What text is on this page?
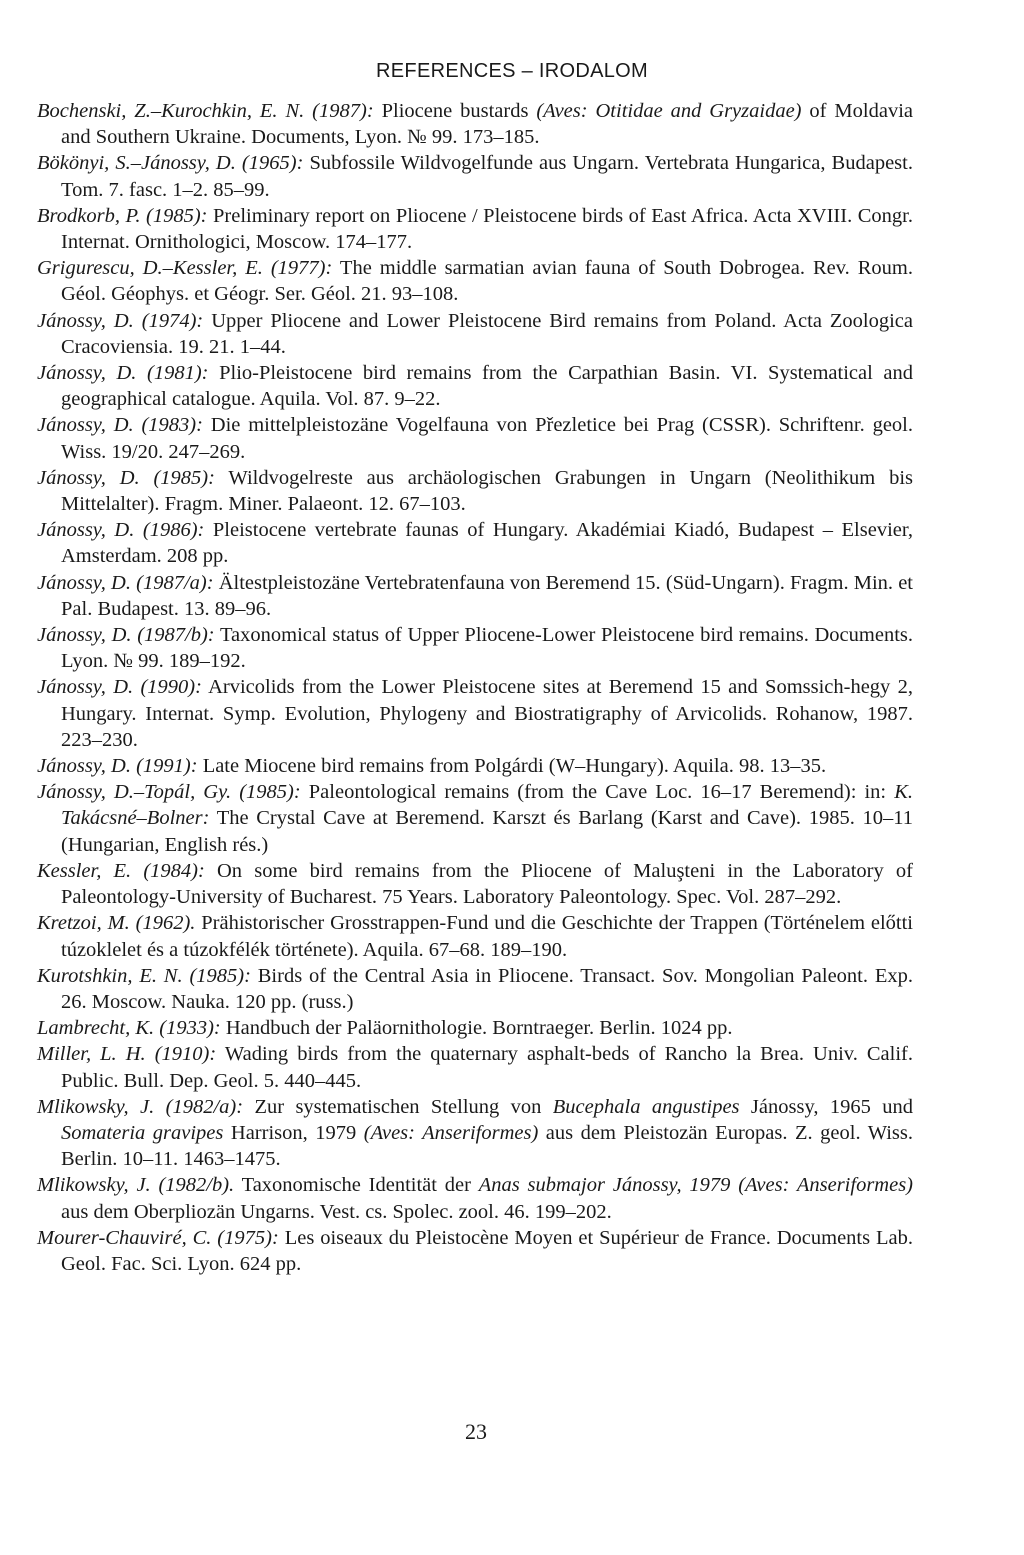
REFERENCES – IRODALOM
Bochenski, Z.–Kurochkin, E. N. (1987): Pliocene bustards (Aves: Otitidae and Gryzaidae) of Moldavia and Southern Ukraine. Documents, Lyon. № 99. 173–185.
Bökönyi, S.–Jánossy, D. (1965): Subfossile Wildvogelfunde aus Ungarn. Vertebrata Hungarica, Budapest. Tom. 7. fasc. 1–2. 85–99.
Brodkorb, P. (1985): Preliminary report on Pliocene / Pleistocene birds of East Africa. Acta XVIII. Congr. Internat. Ornithologici, Moscow. 174–177.
Grigurescu, D.–Kessler, E. (1977): The middle sarmatian avian fauna of South Dobrogea. Rev. Roum. Géol. Géophys. et Géogr. Ser. Géol. 21. 93–108.
Jánossy, D. (1974): Upper Pliocene and Lower Pleistocene Bird remains from Poland. Acta Zoologica Cracoviensia. 19. 21. 1–44.
Jánossy, D. (1981): Plio-Pleistocene bird remains from the Carpathian Basin. VI. Systematical and geographical catalogue. Aquila. Vol. 87. 9–22.
Jánossy, D. (1983): Die mittelpleistozäne Vogelfauna von Přezletice bei Prag (CSSR). Schriftenr. geol. Wiss. 19/20. 247–269.
Jánossy, D. (1985): Wildvogelreste aus archäologischen Grabungen in Ungarn (Neolithikum bis Mittelalter). Fragm. Miner. Palaeont. 12. 67–103.
Jánossy, D. (1986): Pleistocene vertebrate faunas of Hungary. Akadémiai Kiadó, Budapest – Elsevier, Amsterdam. 208 pp.
Jánossy, D. (1987/a): Ältestpleistozäne Vertebratenfauna von Beremend 15. (Süd-Ungarn). Fragm. Min. et Pal. Budapest. 13. 89–96.
Jánossy, D. (1987/b): Taxonomical status of Upper Pliocene-Lower Pleistocene bird remains. Documents. Lyon. № 99. 189–192.
Jánossy, D. (1990): Arvicolids from the Lower Pleistocene sites at Beremend 15 and Somssich-hegy 2, Hungary. Internat. Symp. Evolution, Phylogeny and Biostratigraphy of Arvicolids. Rohanow, 1987. 223–230.
Jánossy, D. (1991): Late Miocene bird remains from Polgárdi (W–Hungary). Aquila. 98. 13–35.
Jánossy, D.–Topál, Gy. (1985): Paleontological remains (from the Cave Loc. 16–17 Beremend): in: K. Takácsné–Bolner: The Crystal Cave at Beremend. Karszt és Barlang (Karst and Cave). 1985. 10–11 (Hungarian, English rés.)
Kessler, E. (1984): On some bird remains from the Pliocene of Maluşteni in the Laboratory of Paleontology-University of Bucharest. 75 Years. Laboratory Paleontology. Spec. Vol. 287–292.
Kretzoi, M. (1962). Prähistorischer Grosstrappen-Fund und die Geschichte der Trappen (Történelem előtti túzoklelet és a túzokfélék története). Aquila. 67–68. 189–190.
Kurotshkin, E. N. (1985): Birds of the Central Asia in Pliocene. Transact. Sov. Mongolian Paleont. Exp. 26. Moscow. Nauka. 120 pp. (russ.)
Lambrecht, K. (1933): Handbuch der Paläornithologie. Borntraeger. Berlin. 1024 pp.
Miller, L. H. (1910): Wading birds from the quaternary asphalt-beds of Rancho la Brea. Univ. Calif. Public. Bull. Dep. Geol. 5. 440–445.
Mlikowsky, J. (1982/a): Zur systematischen Stellung von Bucephala angustipes Jánossy, 1965 und Somateria gravipes Harrison, 1979 (Aves: Anseriformes) aus dem Pleistozän Europas. Z. geol. Wiss. Berlin. 10–11. 1463–1475.
Mlikowsky, J. (1982/b). Taxonomische Identität der Anas submajor Jánossy, 1979 (Aves: Anseriformes) aus dem Oberpliozän Ungarns. Vest. cs. Spolec. zool. 46. 199–202.
Mourer-Chauviré, C. (1975): Les oiseaux du Pleistocène Moyen et Supérieur de France. Documents Lab. Geol. Fac. Sci. Lyon. 624 pp.
23
